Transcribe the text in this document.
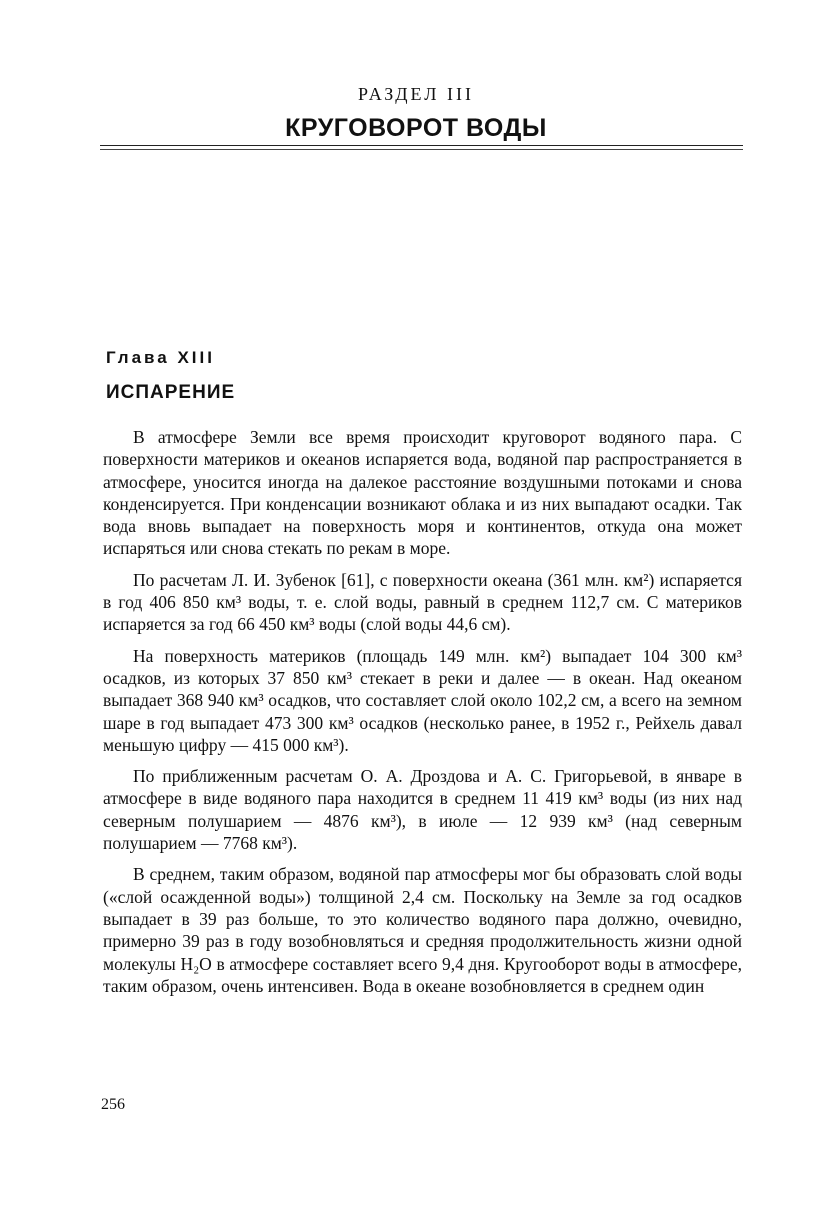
РАЗДЕЛ III
КРУГОВОРОТ ВОДЫ
Глава XIII
ИСПАРЕНИЕ

В атмосфере Земли все время происходит круговорот водяного пара. С поверхности материков и океанов испаряется вода, водяной пар распространяется в атмосфере, уносится иногда на далекое расстояние воздушными потоками и снова конденсируется. При конденсации возникают облака и из них выпадают осадки. Так вода вновь выпадает на поверхность моря и континентов, откуда она может испаряться или снова стекать по рекам в море.

По расчетам Л. И. Зубенок [61], с поверхности океана (361 млн. км²) испаряется в год 406 850 км³ воды, т. е. слой воды, равный в среднем 112,7 см. С материков испаряется за год 66 450 км³ воды (слой воды 44,6 см).

На поверхность материков (площадь 149 млн. км²) выпадает 104 300 км³ осадков, из которых 37 850 км³ стекает в реки и далее — в океан. Над океаном выпадает 368 940 км³ осадков, что составляет слой около 102,2 см, а всего на земном шаре в год выпадает 473 300 км³ осадков (несколько ранее, в 1952 г., Рейхель давал меньшую цифру — 415 000 км³).

По приближенным расчетам О. А. Дроздова и А. С. Григорьевой, в январе в атмосфере в виде водяного пара находится в среднем 11 419 км³ воды (из них над северным полушарием — 4876 км³), в июле — 12 939 км³ (над северным полушарием — 7768 км³).

В среднем, таким образом, водяной пар атмосферы мог бы образовать слой воды («слой осажденной воды») толщиной 2,4 см. Поскольку на Земле за год осадков выпадает в 39 раз больше, то это количество водяного пара должно, очевидно, примерно 39 раз в году возобновляться и средняя продолжительность жизни одной молекулы H₂O в атмосфере составляет всего 9,4 дня. Кругооборот воды в атмосфере, таким образом, очень интенсивен. Вода в океане возобновляется в среднем один

256
